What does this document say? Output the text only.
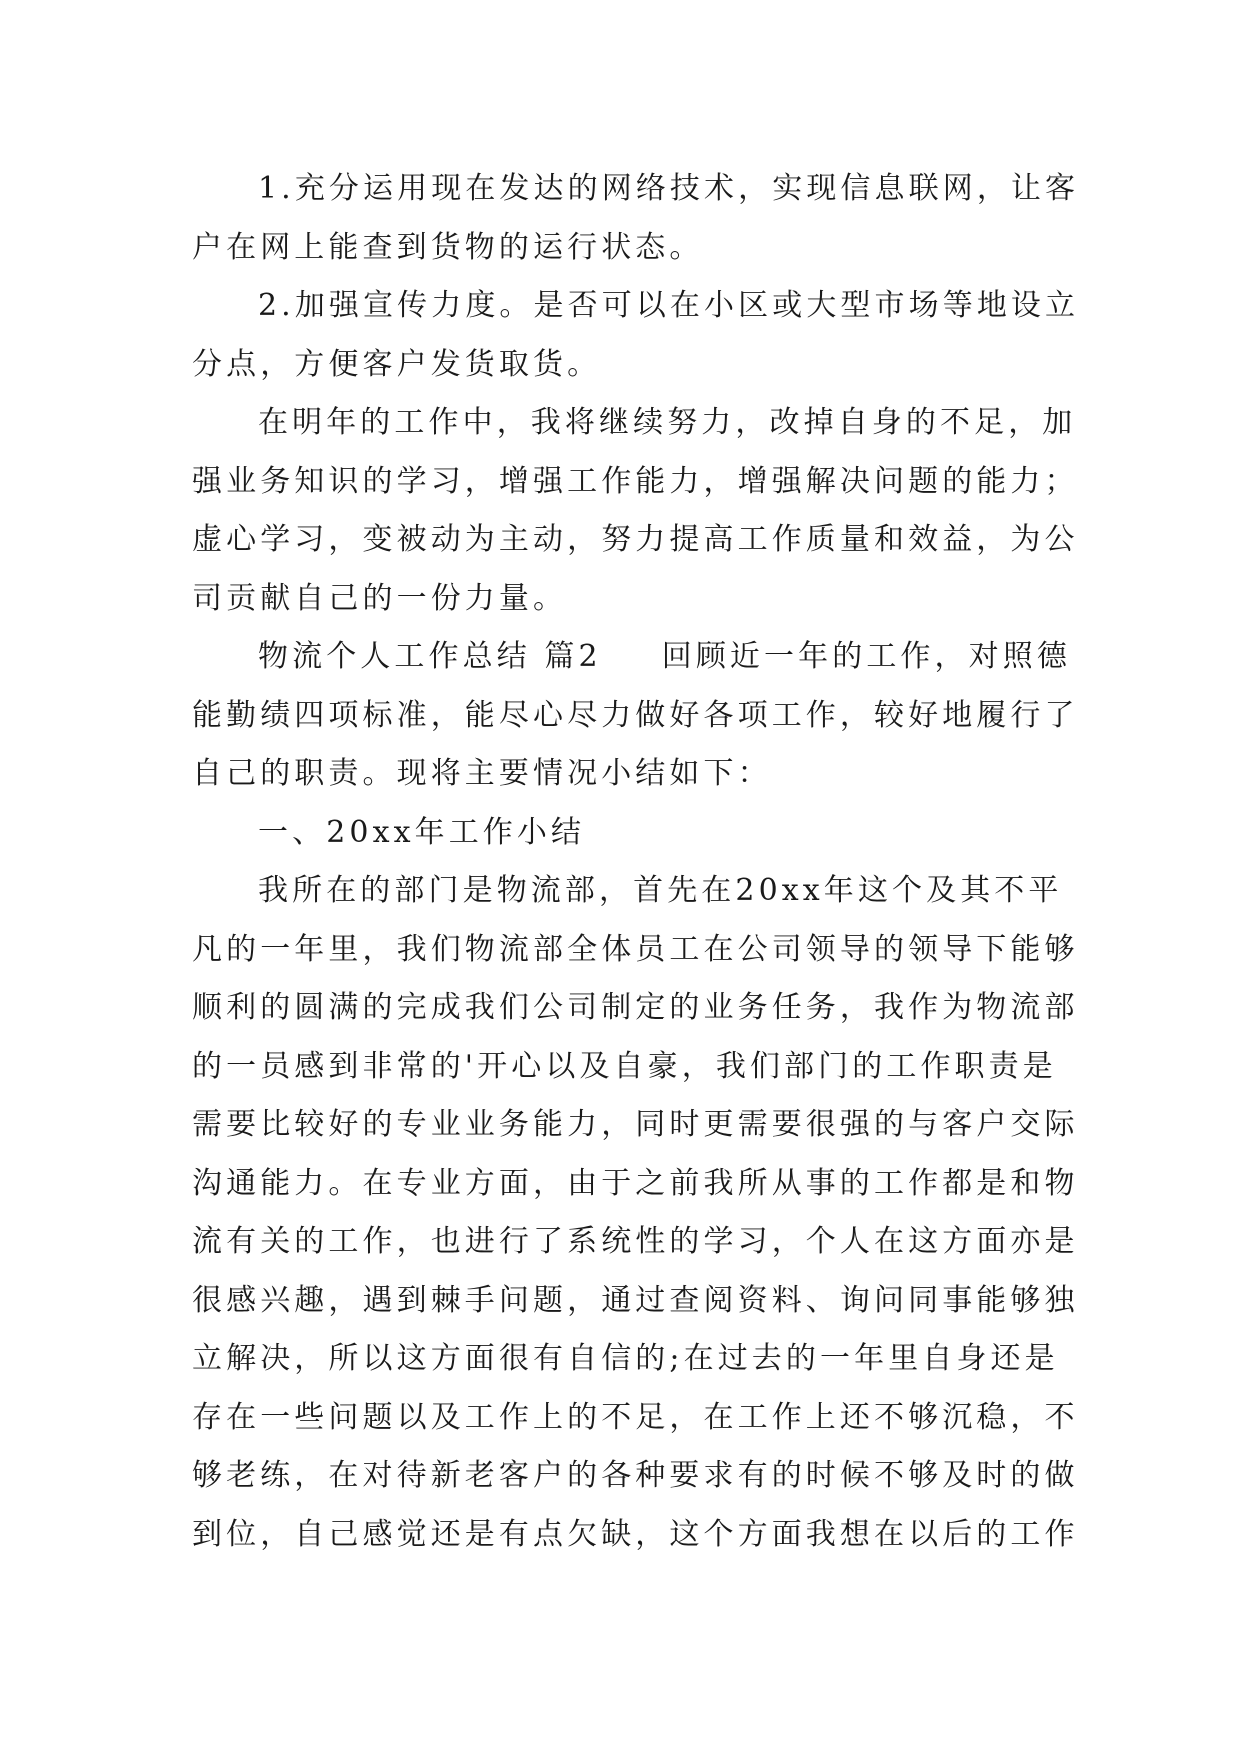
1.充分运用现在发达的网络技术，实现信息联网，让客
户在网上能查到货物的运行状态。
2.加强宣传力度。是否可以在小区或大型市场等地设立
分点，方便客户发货取货。
在明年的工作中，我将继续努力，改掉自身的不足，加
强业务知识的学习，增强工作能力，增强解决问题的能力；
虚心学习，变被动为主动，努力提高工作质量和效益，为公
司贡献自己的一份力量。
物流个人工作总结 篇2 回顾近一年的工作，对照德
能勤绩四项标准，能尽心尽力做好各项工作，较好地履行了
自己的职责。现将主要情况小结如下：
一、20xx年工作小结
我所在的部门是物流部，首先在20xx年这个及其不平
凡的一年里，我们物流部全体员工在公司领导的领导下能够
顺利的圆满的完成我们公司制定的业务任务，我作为物流部
的一员感到非常的'开心以及自豪，我们部门的工作职责是
需要比较好的专业业务能力，同时更需要很强的与客户交际
沟通能力。在专业方面，由于之前我所从事的工作都是和物
流有关的工作，也进行了系统性的学习，个人在这方面亦是
很感兴趣，遇到棘手问题，通过查阅资料、询问同事能够独
立解决，所以这方面很有自信的;在过去的一年里自身还是
存在一些问题以及工作上的不足，在工作上还不够沉稳，不
够老练，在对待新老客户的各种要求有的时候不够及时的做
到位，自己感觉还是有点欠缺，这个方面我想在以后的工作
